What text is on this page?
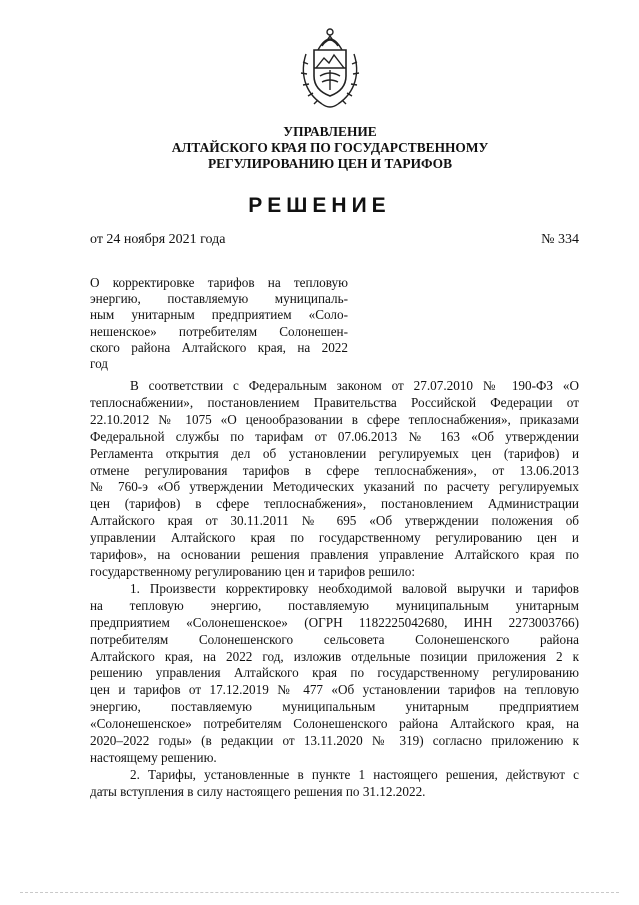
УПРАВЛЕНИЕ
АЛТАЙСКОГО КРАЯ ПО ГОСУДАРСТВЕННОМУ
РЕГУЛИРОВАНИЮ ЦЕН И ТАРИФОВ
РЕШЕНИЕ
от 24 ноября 2021 года	№ 334
О корректировке тарифов на тепловую
энергию, поставляемую муниципаль-
ным унитарным предприятием «Соло-
нешенское» потребителям Солонешен-
ского района Алтайского края, на 2022
год
В соответствии с Федеральным законом от 27.07.2010 № 190-ФЗ «О
теплоснабжении», постановлением Правительства Российской Федерации от
22.10.2012 № 1075 «О ценообразовании в сфере теплоснабжения», приказами
Федеральной службы по тарифам от 07.06.2013 № 163 «Об утверждении
Регламента открытия дел об установлении регулируемых цен (тарифов) и
отмене регулирования тарифов в сфере теплоснабжения», от 13.06.2013
№ 760-э «Об утверждении Методических указаний по расчету регулируемых
цен (тарифов) в сфере теплоснабжения», постановлением Администрации
Алтайского края от 30.11.2011 № 695 «Об утверждении положения об
управлении Алтайского края по государственному регулированию цен и
тарифов», на основании решения правления управление Алтайского края по
государственному регулированию цен и тарифов решило:
1. Произвести корректировку необходимой валовой выручки и тарифов
на тепловую энергию, поставляемую муниципальным унитарным
предприятием «Солонешенское» (ОГРН 1182225042680, ИНН 2273003766)
потребителям Солонешенского сельсовета Солонешенского района
Алтайского края, на 2022 год, изложив отдельные позиции приложения 2 к
решению управления Алтайского края по государственному регулированию
цен и тарифов от 17.12.2019 № 477 «Об установлении тарифов на тепловую
энергию, поставляемую муниципальным унитарным предприятием
«Солонешенское» потребителям Солонешенского района Алтайского края, на
2020–2022 годы» (в редакции от 13.11.2020 № 319) согласно приложению к
настоящему решению.
2. Тарифы, установленные в пункте 1 настоящего решения, действуют с
даты вступления в силу настоящего решения по 31.12.2022.
